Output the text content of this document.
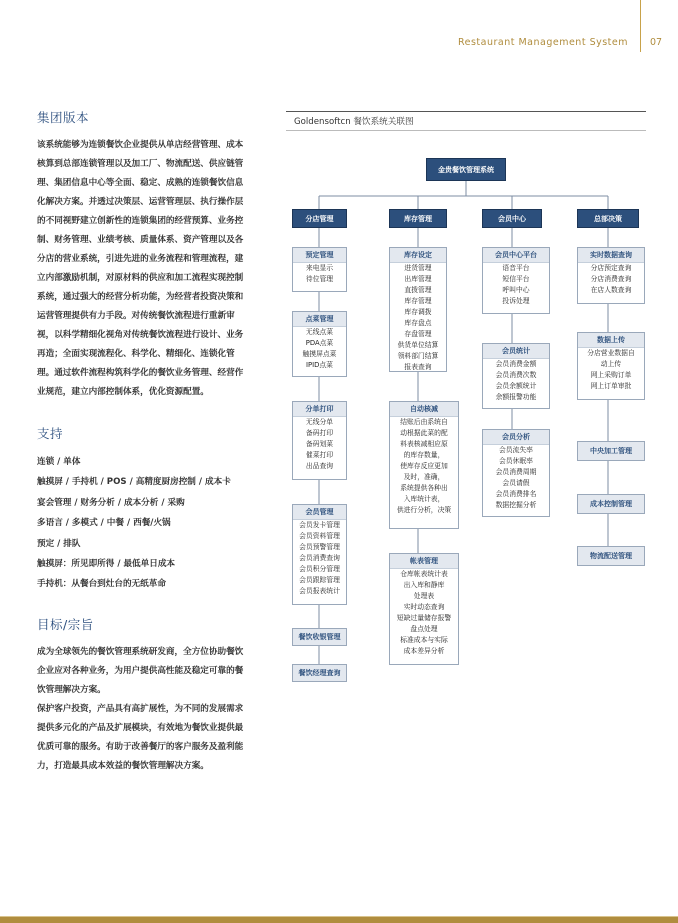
Restaurant Management System 07
集团版本

该系统能够为连锁餐饮企业提供从单店经营管理、成本核算到总部连锁管理以及加工厂、物流配送、供应链管理、集团信息中心等全面、稳定、成熟的连锁餐饮信息化解决方案。并透过决策层、运营管理层、执行操作层的不同视野建立创新性的连锁集团的经营预算、业务控制、财务管理、业绩考核、质量体系、资产管理以及各分店的营业系统，引进先进的业务流程和管理流程，建立内部激励机制，对原材料的供应和加工流程实现控制系统，通过强大的经营分析功能，为经营者投资决策和运营管理提供有力手段。对传统餐饮流程进行重新审视，以科学精细化视角对传统餐饮流程进行设计、业务再造；全面实现流程化、科学化、精细化、连锁化管理。通过软件流程构筑科学化的餐饮业务管理、经营作业规范，建立内部控制体系，优化资源配置。

支持
连锁 / 单体
触摸屏 / 手持机 / POS / 高精度厨房控制 / 成本卡
宴会管理 / 财务分析 / 成本分析 / 采购
多语言 / 多模式 / 中餐 / 西餐/火锅
预定 / 排队
触摸屏：所见即所得 / 最低单日成本
手持机：从餐台到灶台的无纸革命
目标/宗旨

成为全球领先的餐饮管理系统研发商，全方位协助餐饮企业应对各种业务，为用户提供高性能及稳定可靠的餐饮管理解决方案。

保护客户投资，产品具有高扩展性，为不同的发展需求提供多元化的产品及扩展模块，有效地为餐饮业提供最优质可靠的服务。有助于改善餐厅的客户服务及盈利能力，打造最具成本效益的餐饮管理解决方案。

Goldensoftcn 餐饮系统关联图
金贵餐饮管理系统
分店管理	库存管理	会员中心	总部决策
预定管理
来电显示
待位管理
点菜管理
无线点菜
PDA点菜
触摸屏点菜
IPID点菜
分单打印
无线分单
备码打印
备码划菜
催菜打印
出品查询
会员管理
会员发卡管理
会员资料管理
会员预警管理
会员消费查询
会员积分管理
会员跟踪管理
会员报表统计
餐饮收银管理
餐饮经理查询
库存设定
进货管理
出库管理
直拨管理
库存管理
库存调拨
库存盘点
存盘管理
供货单位结算
领料部门结算
报表查询
自动核减
结账后由系统自
动根据此菜的配
料表核减相应原
的库存数量，
使库存反应更加
及时，准确，
系统提供各种出
入库统计表，
供进行分析，决策
帐表管理
仓库帐表统计表
出入库和静库
处理表
实时动态查询
短缺过量储存报警
盘点处理
标准成本与实际
成本差异分析
会员中心平台
语音平台
短信平台
呼叫中心
投诉处理
会员统计
会员消费金额
会员消费次数
会员余额统计
余额报警功能
会员分析
会员流失率
会员休眠率
会员消费周期
会员请假
会员消费排名
数据挖掘分析
实时数据查询
分店预定查询
分店消费查询
在店人数查询
数据上传
分店营业数据自
动上传
网上采购订单
网上订单审批
中央加工管理
成本控制管理
物流配送管理
